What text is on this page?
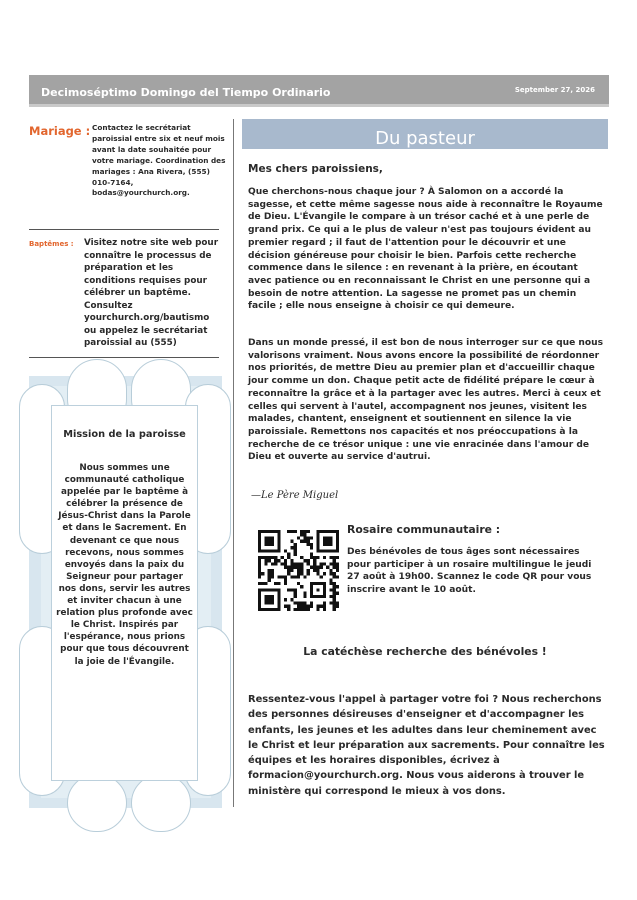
Decimoséptimo Domingo del Tiempo Ordinario	September 27, 2026
Mariage : Contactez le secrétariat paroissial entre six et neuf mois avant la date souhaitée pour votre mariage. Coordination des mariages : Ana Rivera, (555) 010-7164, bodas@yourchurch.org.
Baptêmes : Visitez notre site web pour connaître le processus de préparation et les conditions requises pour célébrer un baptême. Consultez yourchurch.org/bautismo ou appelez le secrétariat paroissial au (555)
Mission de la paroisse
Nous sommes une communauté catholique appelée par le baptême à célébrer la présence de Jésus-Christ dans la Parole et dans le Sacrement. En devenant ce que nous recevons, nous sommes envoyés dans la paix du Seigneur pour partager nos dons, servir les autres et inviter chacun à une relation plus profonde avec le Christ. Inspirés par l'espérance, nous prions pour que tous découvrent la joie de l'Évangile.
Du pasteur
Mes chers paroissiens,
Que cherchons-nous chaque jour ? À Salomon on a accordé la sagesse, et cette même sagesse nous aide à reconnaître le Royaume de Dieu. L'Évangile le compare à un trésor caché et à une perle de grand prix. Ce qui a le plus de valeur n'est pas toujours évident au premier regard ; il faut de l'attention pour le découvrir et une décision généreuse pour choisir le bien. Parfois cette recherche commence dans le silence : en revenant à la prière, en écoutant avec patience ou en reconnaissant le Christ en une personne qui a besoin de notre attention. La sagesse ne promet pas un chemin facile ; elle nous enseigne à choisir ce qui demeure.
Dans un monde pressé, il est bon de nous interroger sur ce que nous valorisons vraiment. Nous avons encore la possibilité de réordonner nos priorités, de mettre Dieu au premier plan et d'accueillir chaque jour comme un don. Chaque petit acte de fidélité prépare le cœur à reconnaître la grâce et à la partager avec les autres. Merci à ceux et celles qui servent à l'autel, accompagnent nos jeunes, visitent les malades, chantent, enseignent et soutiennent en silence la vie paroissiale. Remettons nos capacités et nos préoccupations à la recherche de ce trésor unique : une vie enracinée dans l'amour de Dieu et ouverte au service d'autrui.
—Le Père Miguel
Rosaire communautaire :
Des bénévoles de tous âges sont nécessaires pour participer à un rosaire multilingue le jeudi 27 août à 19h00. Scannez le code QR pour vous inscrire avant le 10 août.
La catéchèse recherche des bénévoles !
Ressentez-vous l'appel à partager votre foi ? Nous recherchons des personnes désireuses d'enseigner et d'accompagner les enfants, les jeunes et les adultes dans leur cheminement avec le Christ et leur préparation aux sacrements. Pour connaître les équipes et les horaires disponibles, écrivez à formacion@yourchurch.org. Nous vous aiderons à trouver le ministère qui correspond le mieux à vos dons.
